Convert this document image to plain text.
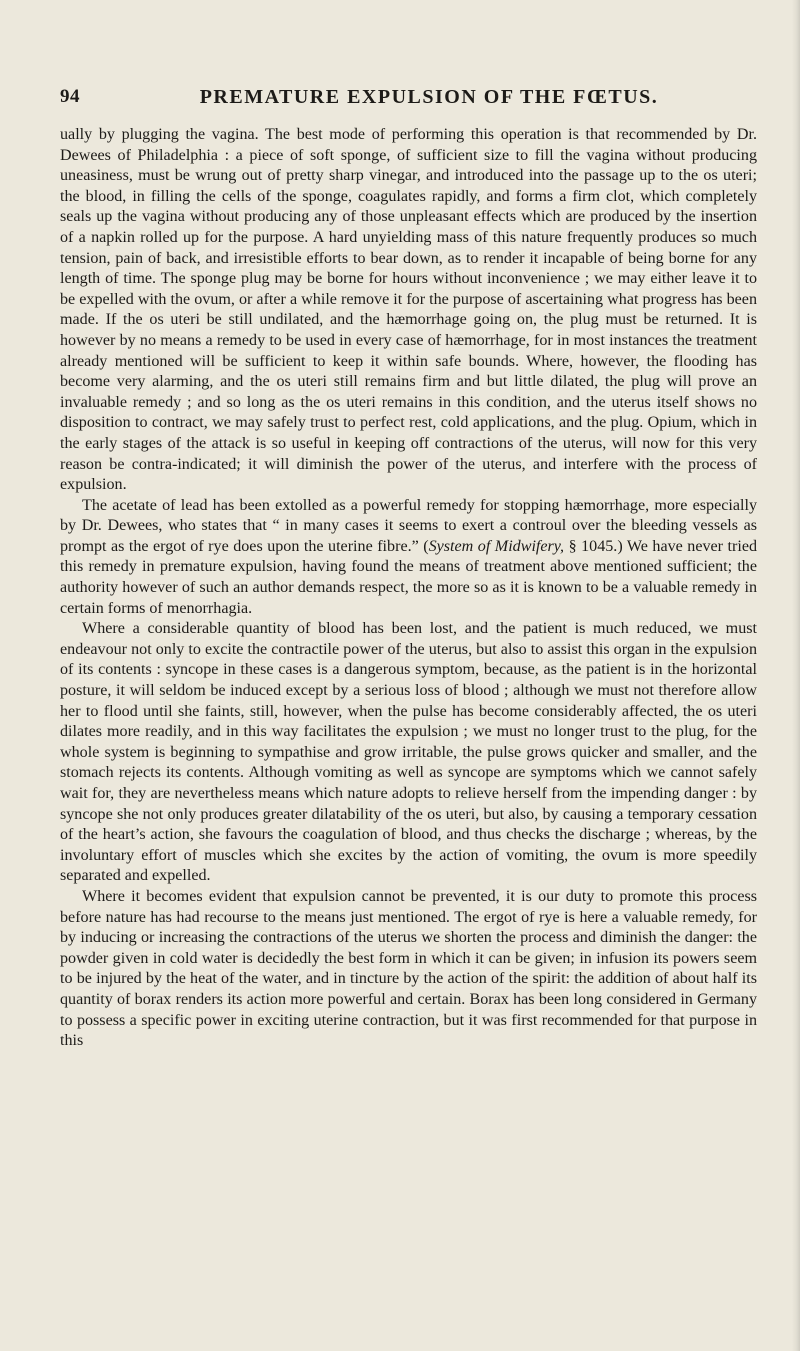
94	PREMATURE EXPULSION OF THE FŒTUS.

ually by plugging the vagina. The best mode of performing this operation is that recommended by Dr. Dewees of Philadelphia : a piece of soft sponge, of sufficient size to fill the vagina without producing uneasiness, must be wrung out of pretty sharp vinegar, and introduced into the passage up to the os uteri; the blood, in filling the cells of the sponge, coagulates rapidly, and forms a firm clot, which completely seals up the vagina without producing any of those unpleasant effects which are produced by the insertion of a napkin rolled up for the purpose. A hard unyielding mass of this nature frequently produces so much tension, pain of back, and irresistible efforts to bear down, as to render it incapable of being borne for any length of time. The sponge plug may be borne for hours without inconvenience ; we may either leave it to be expelled with the ovum, or after a while remove it for the purpose of ascertaining what progress has been made. If the os uteri be still undilated, and the hæmorrhage going on, the plug must be returned. It is however by no means a remedy to be used in every case of hæmorrhage, for in most instances the treatment already mentioned will be sufficient to keep it within safe bounds. Where, however, the flooding has become very alarming, and the os uteri still remains firm and but little dilated, the plug will prove an invaluable remedy ; and so long as the os uteri remains in this condition, and the uterus itself shows no disposition to contract, we may safely trust to perfect rest, cold applications, and the plug. Opium, which in the early stages of the attack is so useful in keeping off contractions of the uterus, will now for this very reason be contra-indicated; it will diminish the power of the uterus, and interfere with the process of expulsion.

The acetate of lead has been extolled as a powerful remedy for stopping hæmorrhage, more especially by Dr. Dewees, who states that “ in many cases it seems to exert a controul over the bleeding vessels as prompt as the ergot of rye does upon the uterine fibre.” (System of Midwifery, § 1045.) We have never tried this remedy in premature expulsion, having found the means of treatment above mentioned sufficient; the authority however of such an author demands respect, the more so as it is known to be a valuable remedy in certain forms of menorrhagia.

Where a considerable quantity of blood has been lost, and the patient is much reduced, we must endeavour not only to excite the contractile power of the uterus, but also to assist this organ in the expulsion of its contents : syncope in these cases is a dangerous symptom, because, as the patient is in the horizontal posture, it will seldom be induced except by a serious loss of blood ; although we must not therefore allow her to flood until she faints, still, however, when the pulse has become considerably affected, the os uteri dilates more readily, and in this way facilitates the expulsion ; we must no longer trust to the plug, for the whole system is beginning to sympathise and grow irritable, the pulse grows quicker and smaller, and the stomach rejects its contents. Although vomiting as well as syncope are symptoms which we cannot safely wait for, they are nevertheless means which nature adopts to relieve herself from the impending danger : by syncope she not only produces greater dilatability of the os uteri, but also, by causing a temporary cessation of the heart’s action, she favours the coagulation of blood, and thus checks the discharge ; whereas, by the involuntary effort of muscles which she excites by the action of vomiting, the ovum is more speedily separated and expelled.

Where it becomes evident that expulsion cannot be prevented, it is our duty to promote this process before nature has had recourse to the means just mentioned. The ergot of rye is here a valuable remedy, for by inducing or increasing the contractions of the uterus we shorten the process and diminish the danger: the powder given in cold water is decidedly the best form in which it can be given; in infusion its powers seem to be injured by the heat of the water, and in tincture by the action of the spirit: the addition of about half its quantity of borax renders its action more powerful and certain. Borax has been long considered in Germany to possess a specific power in exciting uterine contraction, but it was first recommended for that purpose in this
